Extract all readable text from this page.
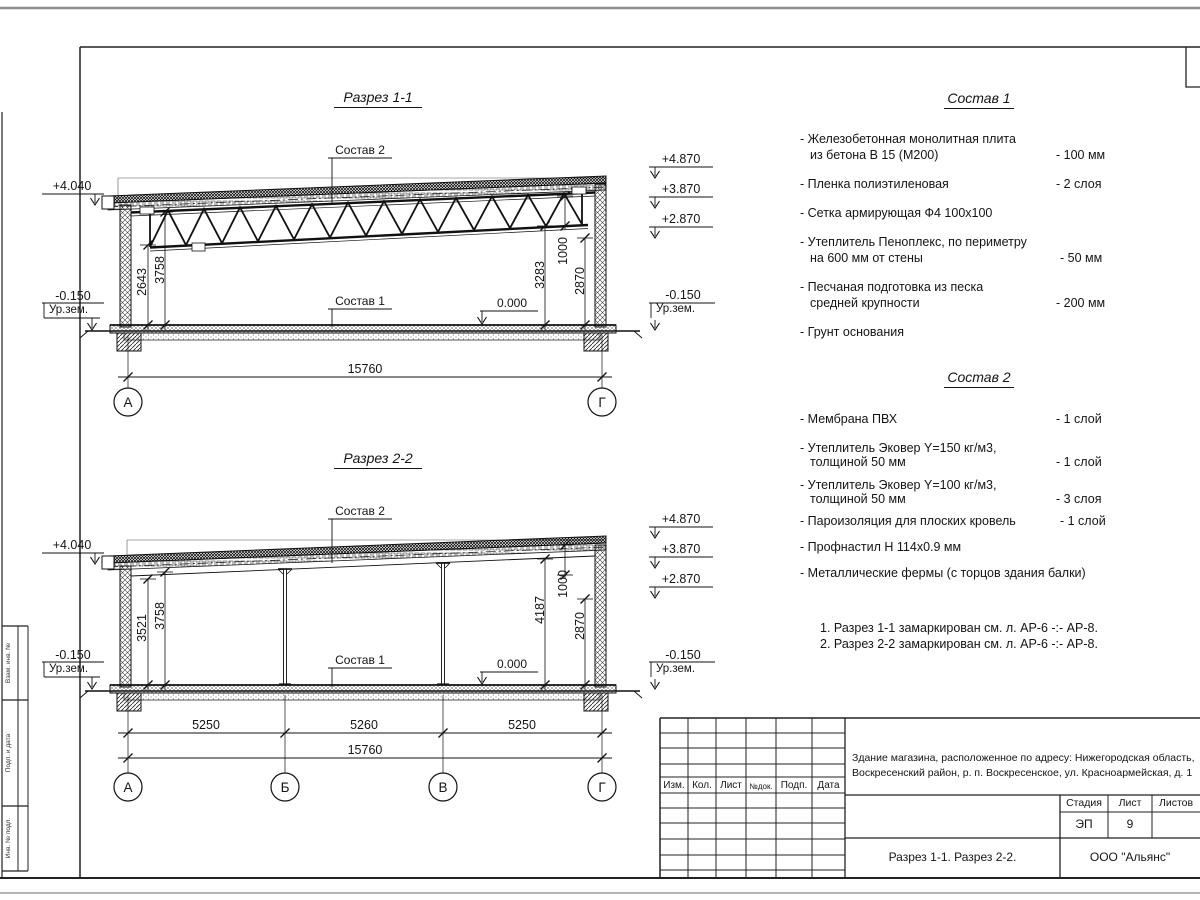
Разрез 1-1
Состав 2
Состав 1	0.000
+4.040
-0.150
Ур.зем.
+4.870
+3.870
+2.870
-0.150
Ур.зем.
2643 3758	3283
1000
2870
15760
А	Г
Разрез 2-2
Состав 2
Состав 1	0.000
+4.040
-0.150
Ур.зем.
+4.870
+3.870
+2.870
-0.150
Ур.зем.
3521 3758	4187
1000
2870
5250	5260	5250
15760
А	Б	В	Г
Состав 1
- Железобетонная монолитная плита
из бетона В 15 (М200)	- 100 мм
- Пленка полиэтиленовая	- 2 слоя
- Сетка армирующая Ф4 100х100
- Утеплитель Пеноплекс, по периметру
на 600 мм от стены	- 50 мм
- Песчаная подготовка из песка
средней крупности	- 200 мм
- Грунт основания
Состав 2
- Мембрана ПВХ	- 1 слой
- Утеплитель Эковер Y=150 кг/м3,
толщиной 50 мм	- 1 слой
- Утеплитель Эковер Y=100 кг/м3,
толщиной 50 мм	- 3 слоя
- Пароизоляция для плоских кровель	- 1 слой
- Профнастил Н 114х0.9 мм
- Металлические фермы (с торцов здания балки)
1. Разрез 1-1 замаркирован см. л. АР-6 -:- АР-8.
2. Разрез 2-2 замаркирован см. л. АР-6 -:- АР-8.
Изм. Кол. Лист №док. Подп.	Дата
Здание магазина, расположенное по адресу: Нижегородская область,
Воскресенский район, р. п. Воскресенское, ул. Красноармейская, д. 1
Стадия	Лист	Листов
ЭП	9
Разрез 1-1. Разрез 2-2.	ООО "Альянс"
Взам. инв. №
Подп. и дата
Инв. № подл.
